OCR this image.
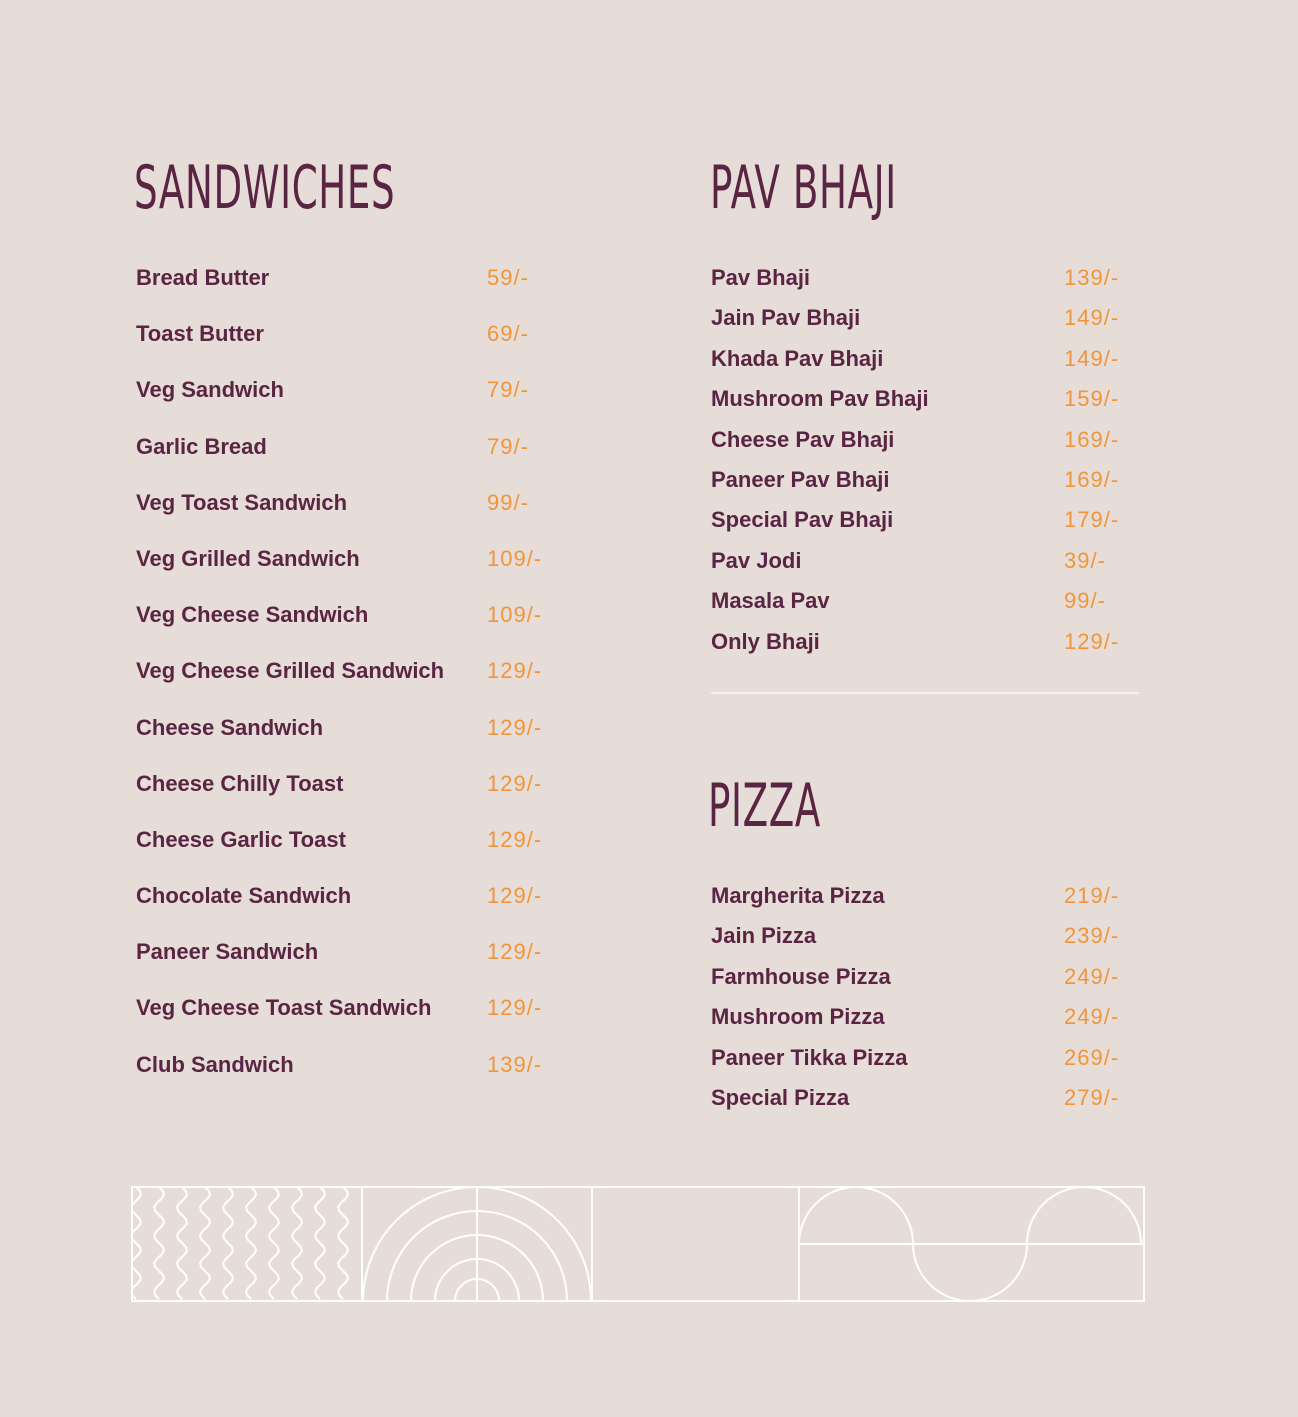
SANDWICHES
Bread Butter	59/-
Toast Butter	69/-
Veg Sandwich	79/-
Garlic Bread	79/-
Veg Toast Sandwich	99/-
Veg Grilled Sandwich	109/-
Veg Cheese Sandwich	109/-
Veg Cheese Grilled Sandwich 129/-
Cheese Sandwich	129/-
Cheese Chilly Toast	129/-
Cheese Garlic Toast	129/-
Chocolate Sandwich	129/-
Paneer Sandwich	129/-
Veg Cheese Toast Sandwich	129/-
Club Sandwich	139/-
PAV BHAJI
Pav Bhaji	139/-
Jain Pav Bhaji	149/-
Khada Pav Bhaji	149/-
Mushroom Pav Bhaji	159/-
Cheese Pav Bhaji	169/-
Paneer Pav Bhaji	169/-
Special Pav Bhaji	179/-
Pav Jodi	39/-
Masala Pav	99/-
Only Bhaji	129/-
PIZZA
Margherita Pizza	219/-
Jain Pizza	239/-
Farmhouse Pizza	249/-
Mushroom Pizza	249/-
Paneer Tikka Pizza	269/-
Special Pizza	279/-
